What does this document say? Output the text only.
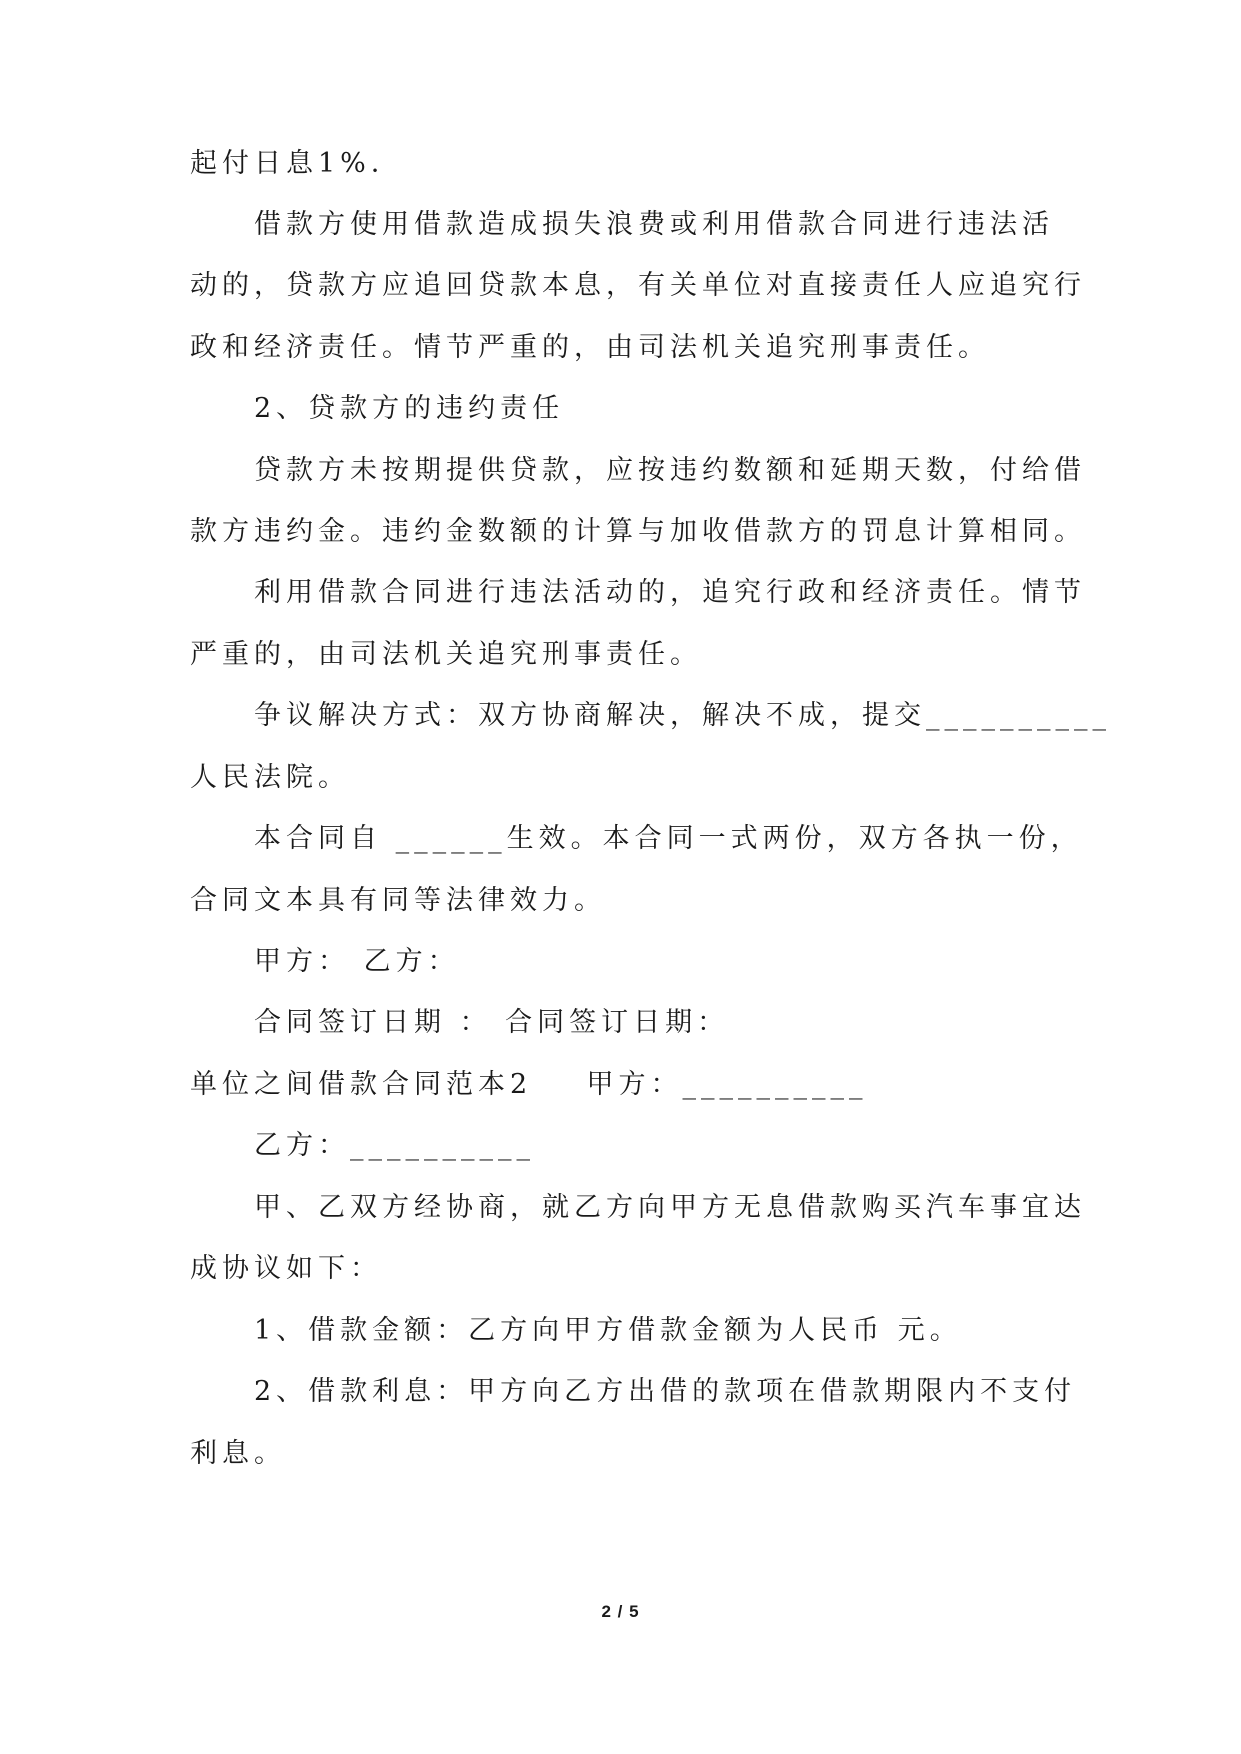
起付日息1%．
借款方使用借款造成损失浪费或利用借款合同进行违法活
动的，贷款方应追回贷款本息，有关单位对直接责任人应追究行
政和经济责任。情节严重的，由司法机关追究刑事责任。
2、贷款方的违约责任
贷款方未按期提供贷款，应按违约数额和延期天数，付给借
款方违约金。违约金数额的计算与加收借款方的罚息计算相同。
利用借款合同进行违法活动的，追究行政和经济责任。情节
严重的，由司法机关追究刑事责任。
争议解决方式：双方协商解决，解决不成，提交__________
人民法院。
本合同自 ______生效。本合同一式两份，双方各执一份，
合同文本具有同等法律效力。
甲方： 乙方：
合同签订日期 ： 合同签订日期：
单位之间借款合同范本2    甲方：__________
乙方：__________
甲、乙双方经协商，就乙方向甲方无息借款购买汽车事宜达
成协议如下：
1、借款金额：乙方向甲方借款金额为人民币 元。
2、借款利息：甲方向乙方出借的款项在借款期限内不支付
利息。
2 / 5
